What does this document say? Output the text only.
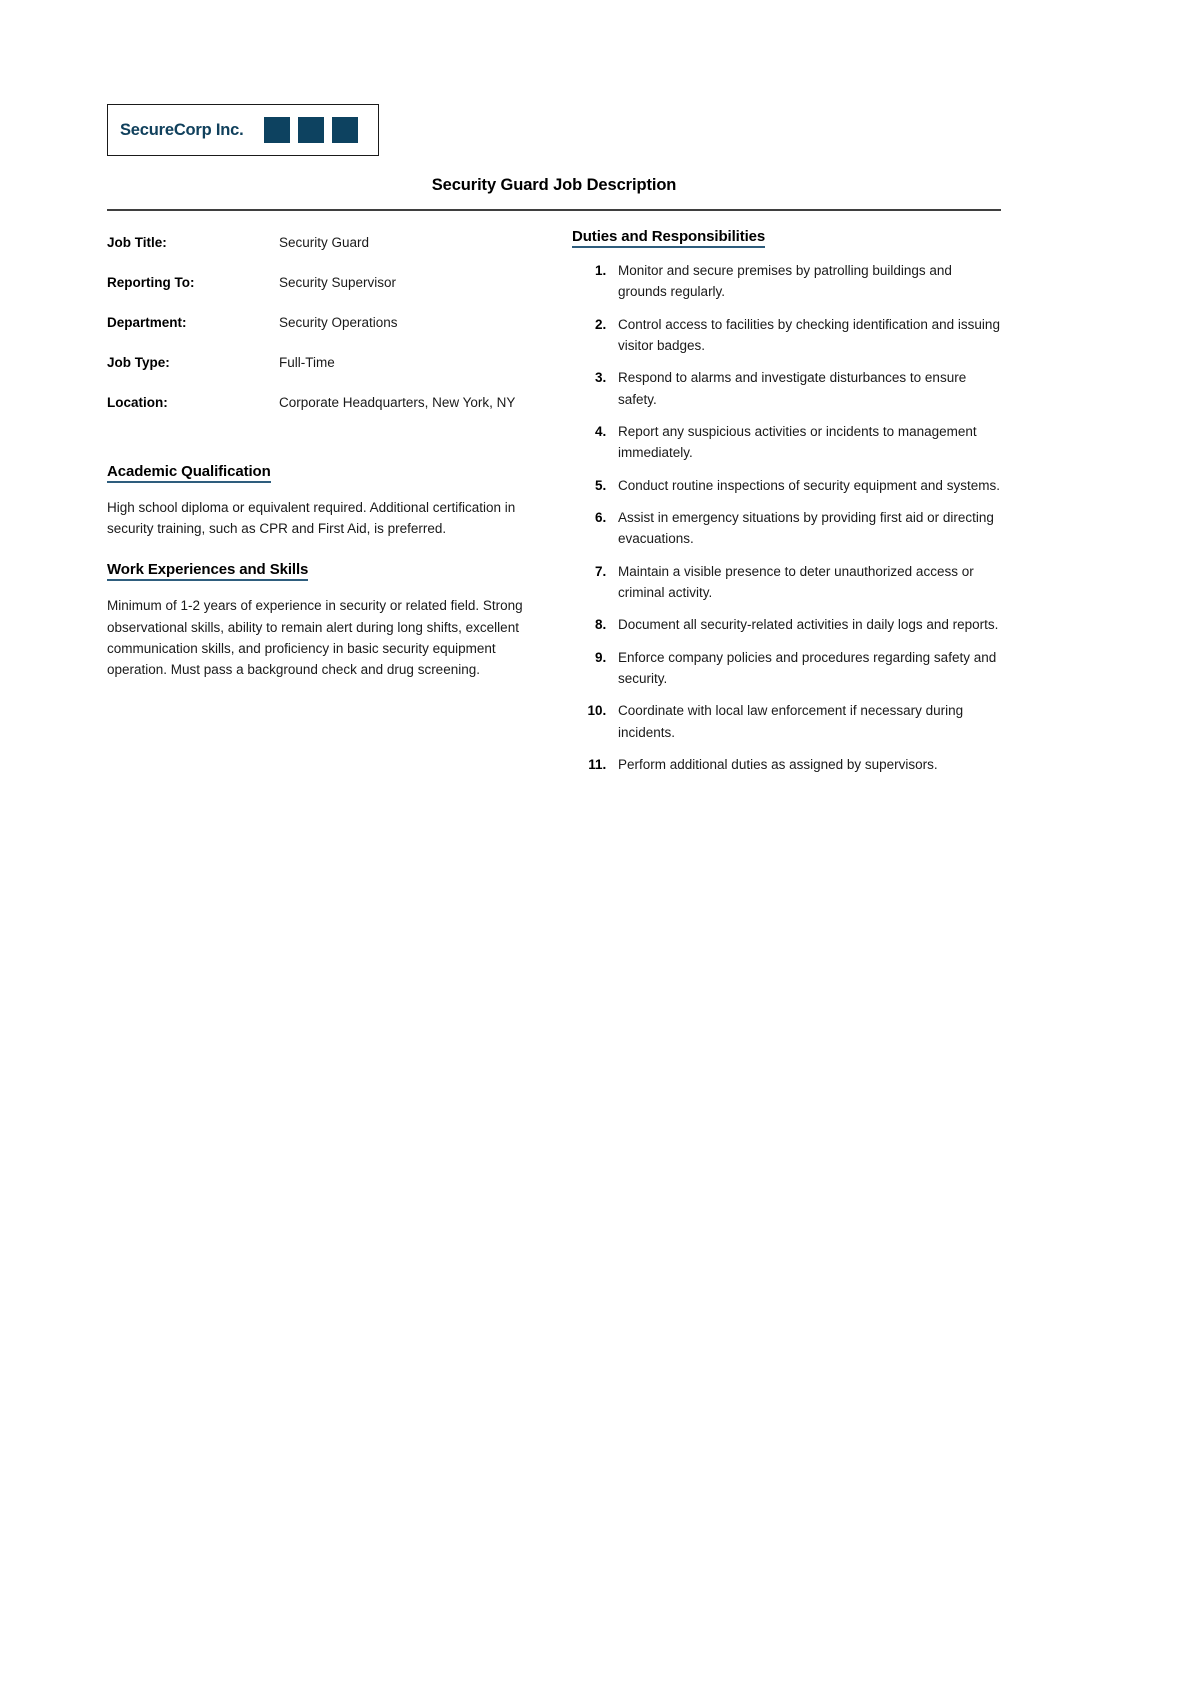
SecureCorp Inc.
Security Guard Job Description
Job Title:	Security Guard
Reporting To:	Security Supervisor
Department:	Security Operations
Job Type:	Full-Time
Location:	Corporate Headquarters, New York, NY
Academic Qualification

High school diploma or equivalent required. Additional certification in security training, such as CPR and First Aid, is preferred.

Work Experiences and Skills

Minimum of 1-2 years of experience in security or related field. Strong observational skills, ability to remain alert during long shifts, excellent communication skills, and proficiency in basic security equipment operation. Must pass a background check and drug screening.

Duties and Responsibilities
1. Monitor and secure premises by patrolling buildings and grounds regularly.
2. Control access to facilities by checking identification and issuing visitor badges.
3. Respond to alarms and investigate disturbances to ensure safety.
4. Report any suspicious activities or incidents to management immediately.
5. Conduct routine inspections of security equipment and systems.
6. Assist in emergency situations by providing first aid or directing evacuations.
7. Maintain a visible presence to deter unauthorized access or criminal activity.
8. Document all security-related activities in daily logs and reports.
9. Enforce company policies and procedures regarding safety and security.
10. Coordinate with local law enforcement if necessary during incidents.
11. Perform additional duties as assigned by supervisors.
